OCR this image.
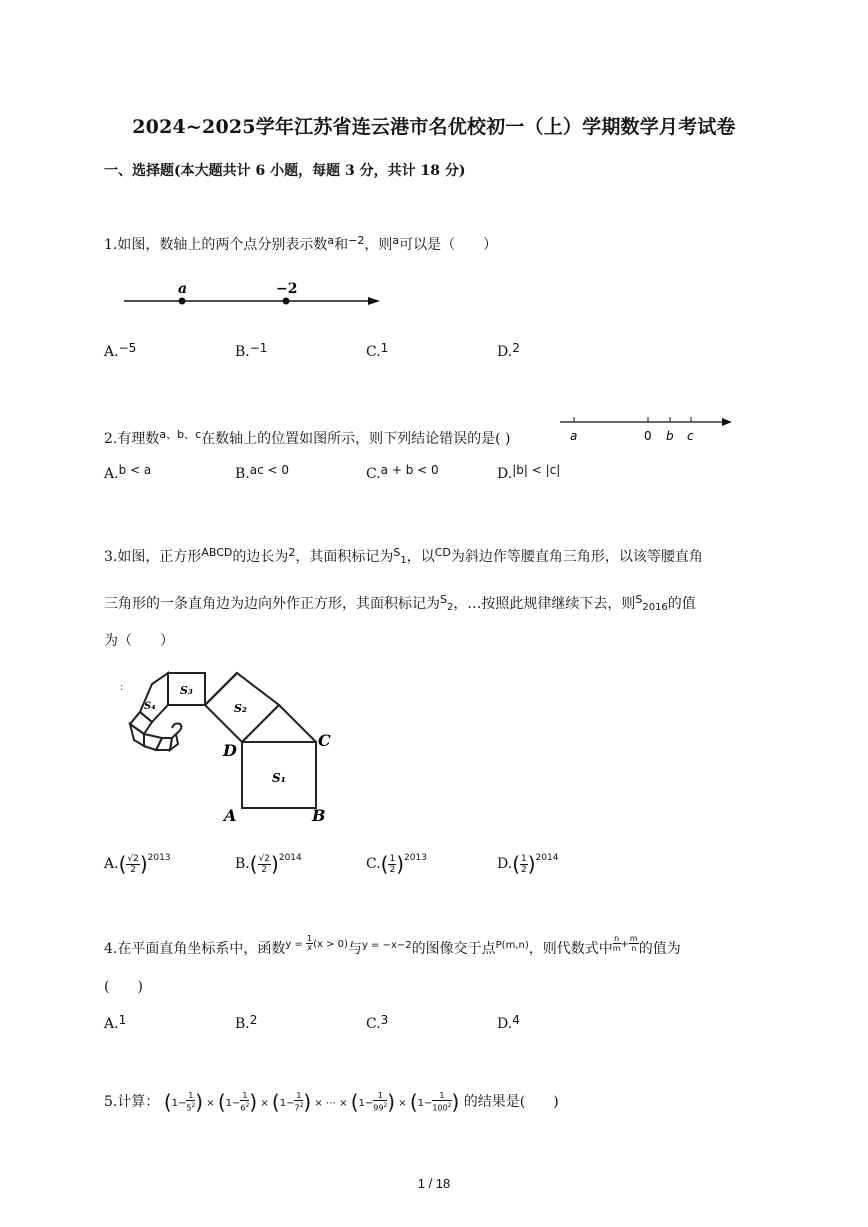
2024~2025学年江苏省连云港市名优校初一（上）学期数学月考试卷
一、选择题(本大题共计 6 小题，每题 3 分，共计 18 分)
1.如图，数轴上的两个点分别表示数$^a$和$^{-2}$，则$^a$可以是（　　）
a	−2
A.−5	B.−1	C.1	D.2
2.有理数$^{a、b、c}$在数轴上的位置如图所示，则下列结论错误的是( )	a	0 b c
A.b < a	B.ac < 0	C.a + b < 0	D.|b| < |c|
3.如图，正方形$^{ABCD}$的边长为$^2$，其面积标记为$^S$1，以$^{CD}$为斜边作等腰直角三角形，以该等腰直角
三角形的一条直角边为边向外作正方形，其面积标记为$^S$2，…按照此规律继续下去，则$^S$2016的值
为（　　）
:
S₁
S₂
S₃
S₄
A	B
C
D
$A.( \frac{√2}{2} )^{2013}$	$B.( \frac{√2}{2} )^{2014}$	$C.( \frac{1}{2} )^{2013}$	$D.( \frac{1}{2} )^{2014}$
4.在平面直角坐标系中，函数$^{y =} \frac{1}{x} ^{(x > 0)}$与$^{y = -x-2}$的图像交于点$^{P(m,n)}$，则代数式中 $\frac{n}{m} ^+ \frac{m}{n}$ 的值为
(　　)
A.1	B.2	C.3	D.4
5.计算： ($1- \frac{1}{5^2}$ ) × ($1- \frac{1}{6^2}$ ) × ($1- \frac{1}{7^2}$ ) × ⋯ × ($1- \frac{1}{99^2}$ ) × ($1- \frac{1}{100^2}$ ) 的结果是(　　)
1 / 18
